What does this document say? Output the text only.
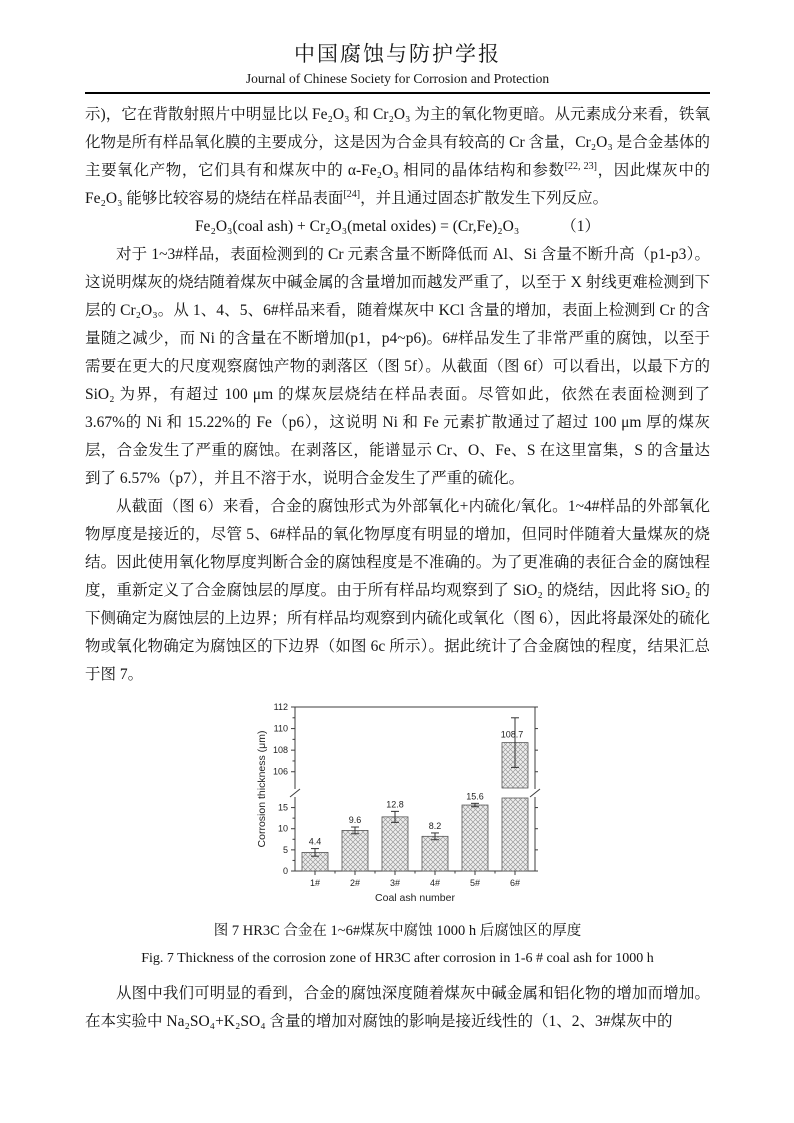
中国腐蚀与防护学报
Journal of Chinese Society for Corrosion and Protection

示)，它在背散射照片中明显比以 Fe₂O₃ 和 Cr₂O₃ 为主的氧化物更暗。从元素成分来看，铁氧化物是所有样品氧化膜的主要成分，这是因为合金具有较高的 Cr 含量，Cr₂O₃ 是合金基体的主要氧化产物，它们具有和煤灰中的 α-Fe₂O₃ 相同的晶体结构和参数[22, 23]，因此煤灰中的 Fe₂O₃ 能够比较容易的烧结在样品表面[24]，并且通过固态扩散发生下列反应。

Fe₂O₃(coal ash) + Cr₂O₃(metal oxides) = (Cr,Fe)₂O₃	（1）

对于 1~3#样品，表面检测到的 Cr 元素含量不断降低而 Al、Si 含量不断升高（p1-p3）。这说明煤灰的烧结随着煤灰中碱金属的含量增加而越发严重了，以至于 X 射线更难检测到下层的 Cr₂O₃。从 1、4、5、6#样品来看，随着煤灰中 KCl 含量的增加，表面上检测到 Cr 的含量随之减少，而 Ni 的含量在不断增加(p1，p4~p6)。6#样品发生了非常严重的腐蚀，以至于需要在更大的尺度观察腐蚀产物的剥落区（图 5f）。从截面（图 6f）可以看出，以最下方的 SiO₂ 为界，有超过 100 μm 的煤灰层烧结在样品表面。尽管如此，依然在表面检测到了 3.67%的 Ni 和 15.22%的 Fe（p6），这说明 Ni 和 Fe 元素扩散通过了超过 100 μm 厚的煤灰层，合金发生了严重的腐蚀。在剥落区，能谱显示 Cr、O、Fe、S 在这里富集，S 的含量达到了 6.57%（p7），并且不溶于水，说明合金发生了严重的硫化。

从截面（图 6）来看，合金的腐蚀形式为外部氧化+内硫化/氧化。1~4#样品的外部氧化物厚度是接近的，尽管 5、6#样品的氧化物厚度有明显的增加，但同时伴随着大量煤灰的烧结。因此使用氧化物厚度判断合金的腐蚀程度是不准确的。为了更准确的表征合金的腐蚀程度，重新定义了合金腐蚀层的厚度。由于所有样品均观察到了 SiO₂ 的烧结，因此将 SiO₂ 的下侧确定为腐蚀层的上边界；所有样品均观察到内硫化或氧化（图 6），因此将最深处的硫化物或氧化物确定为腐蚀区的下边界（如图 6c 所示）。据此统计了合金腐蚀的程度，结果汇总于图 7。

0
5
10
15
106
108
110
112
4.4
1#
9.6
2#
12.8
3#
8.2
4#
15.6
5#
108.7
6#
Coal ash number
Corrosion thickness (μm)
图 7 HR3C 合金在 1~6#煤灰中腐蚀 1000 h 后腐蚀区的厚度
Fig. 7 Thickness of the corrosion zone of HR3C after corrosion in 1-6 # coal ash for 1000 h

从图中我们可明显的看到，合金的腐蚀深度随着煤灰中碱金属和铝化物的增加而增加。在本实验中 Na₂SO₄+K₂SO₄ 含量的增加对腐蚀的影响是接近线性的（1、2、3#煤灰中的
